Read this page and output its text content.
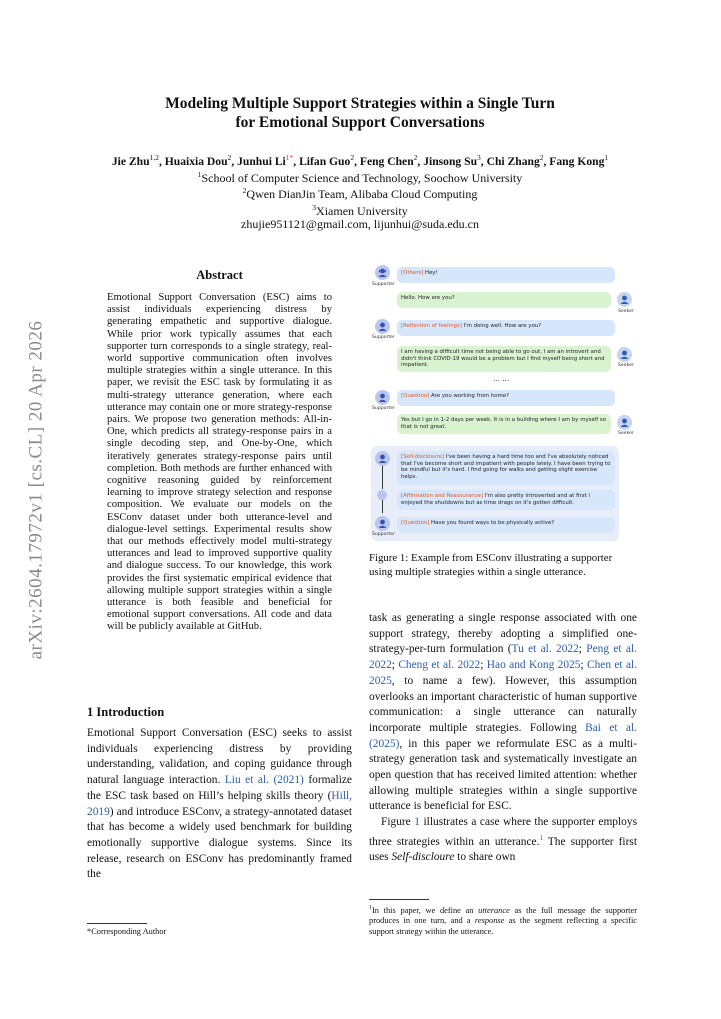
arXiv:2604.17972v1 [cs.CL] 20 Apr 2026
Modeling Multiple Support Strategies within a Single Turn
for Emotional Support Conversations
Jie Zhu$^{1,2}$, Huaixia Dou$^2$, Junhui $Li^{1*}$, Lifan Guo$^2$, Feng Chen$^2$, Jinsong Su$^3$, Chi Zhang$^2$, Fang Kong$^1$
$^1$School of Computer Science and Technology, Soochow University
$^2$Qwen DianJin Team, Alibaba Cloud Computing
$^3$Xiamen University
zhujie951121@gmail.com, lijunhui@suda.edu.cn
Abstract
Emotional Support Conversation (ESC) aims to assist individuals experiencing distress by generating empathetic and supportive dialogue. While prior work typically assumes that each supporter turn corresponds to a single strategy, real-world supportive communication often involves multiple strategies within a single utterance. In this paper, we revisit the ESC task by formulating it as multi-strategy utterance generation, where each utterance may contain one or more strategy-response pairs. We propose two generation methods: All-in-One, which predicts all strategy-response pairs in a single decoding step, and One-by-One, which iteratively generates strategy-response pairs until completion. Both methods are further enhanced with cognitive reasoning guided by reinforcement learning to improve strategy selection and response composition. We evaluate our models on the ESConv dataset under both utterance-level and dialogue-level settings. Experimental results show that our methods effectively model multi-strategy utterances and lead to improved supportive quality and dialogue success. To our knowledge, this work provides the first systematic empirical evidence that allowing multiple support strategies within a single utterance is both feasible and beneficial for emotional support conversations. All code and data will be publicly available at GitHub.
1 Introduction
Emotional Support Conversation (ESC) seeks to assist individuals experiencing distress by providing understanding, validation, and coping guidance through natural language interaction. Liu et al. (2021) formalize the ESC task based on Hill’s helping skills theory (Hill, 2019) and introduce ESConv, a strategy-annotated dataset that has become a widely used benchmark for building emotionally supportive dialogue systems. Since its release, research on ESConv has predominantly framed the
*Corresponding Author
Supporter
[Others] Hey!
Hello. How are you?
Seeker
Supporter
[Reflection of feelings] I'm doing well. How are you?
I am having a difficult time not being able to go out. I am an introvert and didn't think COVID-19 would be a problem but I find myself being short and impatient.	Seeker
… …
Supporter
[Question] Are you working from home?
Yes but I go in 1-2 days per week. It is in a building where I am by myself so that is not great.
Seeker
[Self-disclosure] I've been having a hard time too and I've absolutely noticed that I've become short and impatient with people lately. I have been trying to be mindful but it's hard. I find going for walks and getting slight exercise helps.
[Affirmation and Reassurance] I'm also pretty introverted and at first i enjoyed the shutdowns but as time drags on it's gotten difficult.
Supporter
[Question] Have you found ways to be physically active?
Figure 1: Example from ESConv illustrating a supporter using multiple strategies within a single utterance.

task as generating a single response associated with one support strategy, thereby adopting a simplified one-strategy-per-turn formulation (Tu et al. 2022; Peng et al. 2022; Cheng et al. 2022; Hao and Kong 2025; Chen et al. 2025, to name a few). However, this assumption overlooks an important characteristic of human supportive communication: a single utterance can naturally incorporate multiple strategies. Following Bai et al. (2025), in this paper we reformulate ESC as a multi-strategy generation task and systematically investigate an open question that has received limited attention: whether allowing multiple strategies within a single supportive utterance is beneficial for ESC.

Figure 1 illustrates a case where the supporter employs three strategies within an utterance.$^1$ The supporter first uses Self-discloure to share own

$^1$In this paper, we define an utterance as the full message the supporter produces in one turn, and a response as the segment reflecting a specific support strategy within the utterance.
